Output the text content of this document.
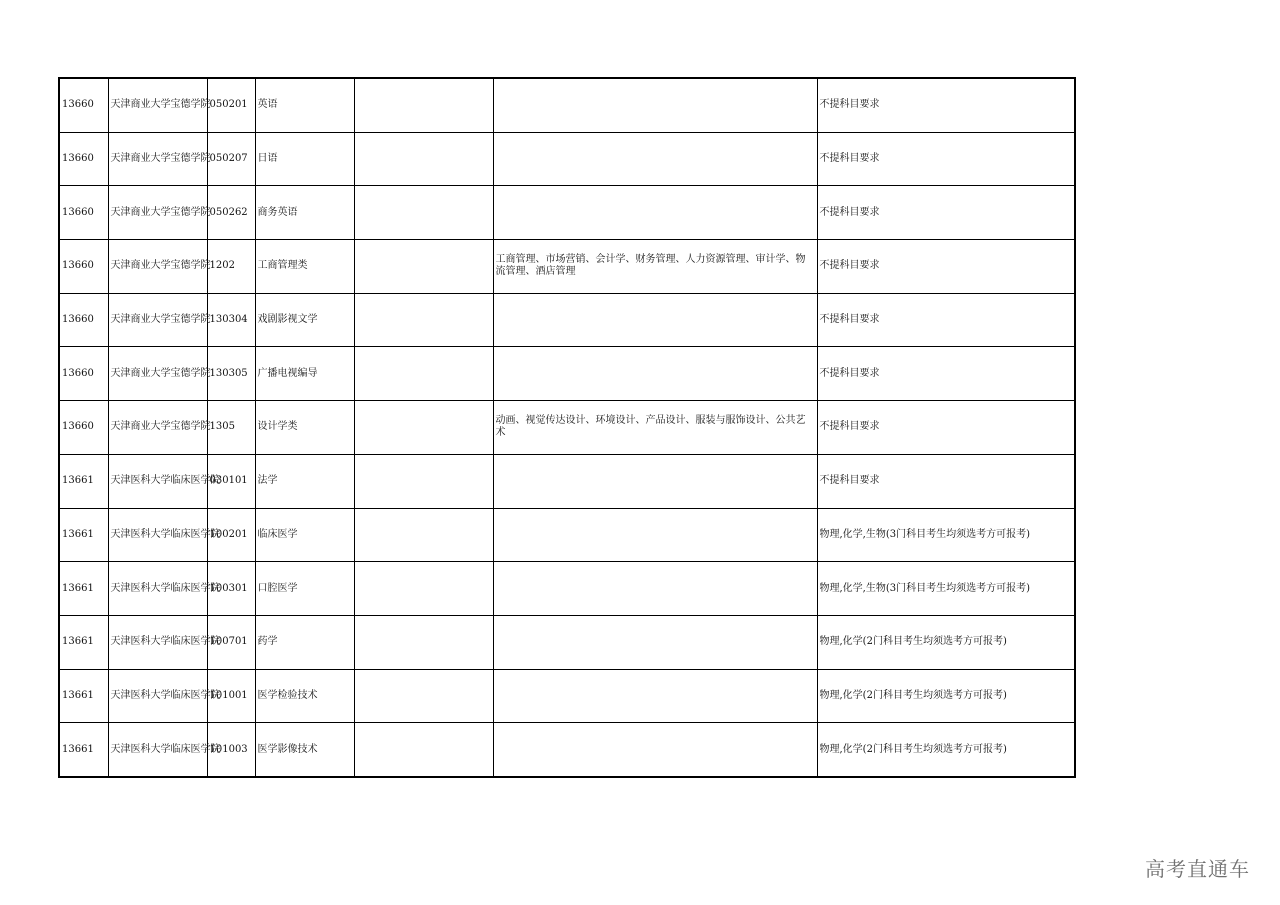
13660	天津商业大学宝德学院	050201	英语			不提科目要求
13660	天津商业大学宝德学院	050207	日语			不提科目要求
13660	天津商业大学宝德学院	050262	商务英语			不提科目要求
13660	天津商业大学宝德学院	1202	工商管理类		工商管理、市场营销、会计学、财务管理、人力资源管理、审计学、物流管理、酒店管理	不提科目要求
13660	天津商业大学宝德学院	130304	戏剧影视文学			不提科目要求
13660	天津商业大学宝德学院	130305	广播电视编导			不提科目要求
13660	天津商业大学宝德学院	1305	设计学类		动画、视觉传达设计、环境设计、产品设计、服装与服饰设计、公共艺术	不提科目要求
13661	天津医科大学临床医学院	030101	法学			不提科目要求
13661	天津医科大学临床医学院	100201	临床医学			物理,化学,生物(3门科目考生均须选考方可报考)
13661	天津医科大学临床医学院	100301	口腔医学			物理,化学,生物(3门科目考生均须选考方可报考)
13661	天津医科大学临床医学院	100701	药学			物理,化学(2门科目考生均须选考方可报考)
13661	天津医科大学临床医学院	101001	医学检验技术			物理,化学(2门科目考生均须选考方可报考)
13661	天津医科大学临床医学院	101003	医学影像技术			物理,化学(2门科目考生均须选考方可报考)
高考直通车
